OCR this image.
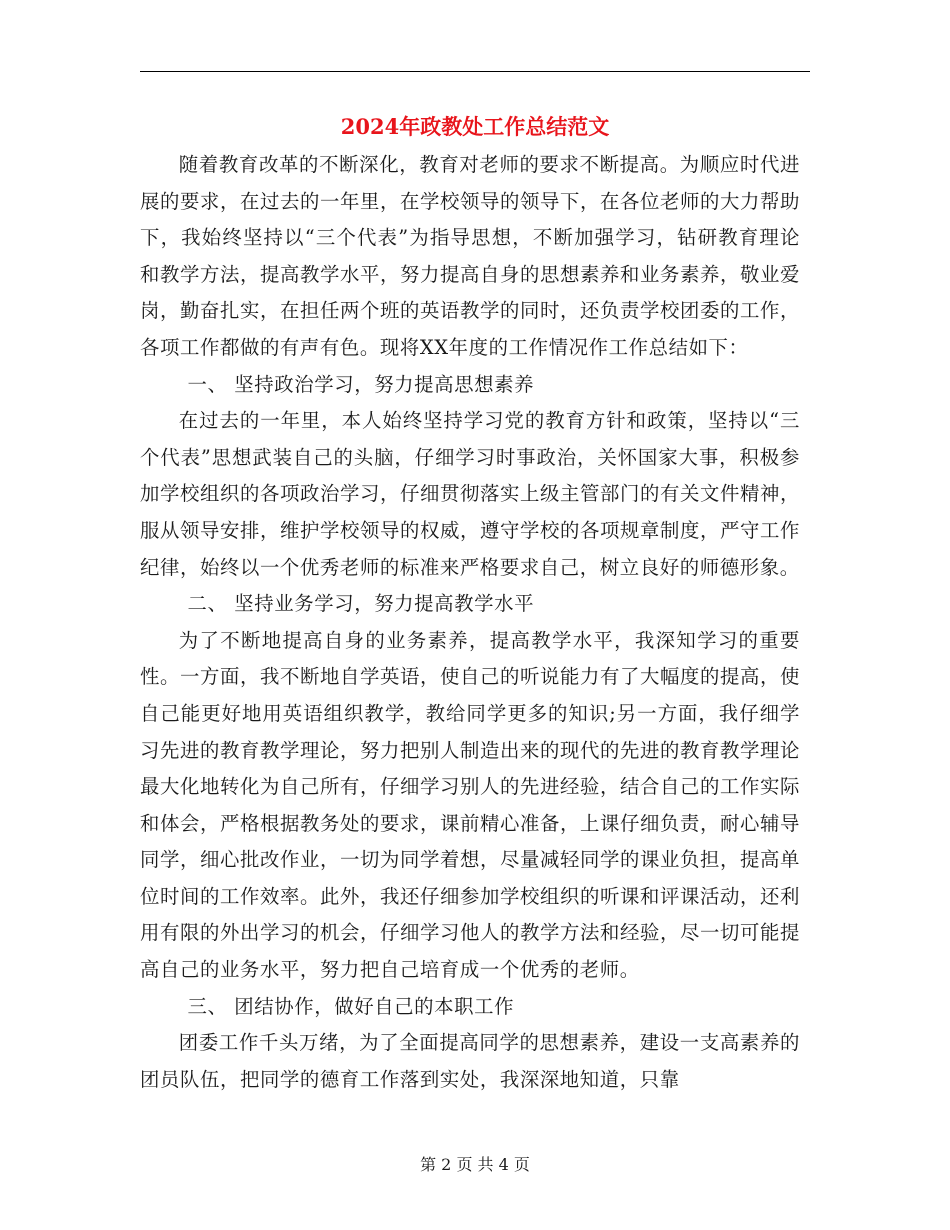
2024年政教处工作总结范文

随着教育改革的不断深化，教育对老师的要求不断提高。为顺应时代进展的要求，在过去的一年里，在学校领导的领导下，在各位老师的大力帮助下，我始终坚持以“三个代表”为指导思想，不断加强学习，钻研教育理论和教学方法，提高教学水平，努力提高自身的思想素养和业务素养，敬业爱岗，勤奋扎实，在担任两个班的英语教学的同时，还负责学校团委的工作，各项工作都做的有声有色。现将XX年度的工作情况作工作总结如下：

一、 坚持政治学习，努力提高思想素养

在过去的一年里，本人始终坚持学习党的教育方针和政策，坚持以“三个代表”思想武装自己的头脑，仔细学习时事政治，关怀国家大事，积极参加学校组织的各项政治学习，仔细贯彻落实上级主管部门的有关文件精神，服从领导安排，维护学校领导的权威，遵守学校的各项规章制度，严守工作纪律，始终以一个优秀老师的标准来严格要求自己，树立良好的师德形象。

二、 坚持业务学习，努力提高教学水平

为了不断地提高自身的业务素养，提高教学水平，我深知学习的重要性。一方面，我不断地自学英语，使自己的听说能力有了大幅度的提高，使自己能更好地用英语组织教学，教给同学更多的知识;另一方面，我仔细学习先进的教育教学理论，努力把别人制造出来的现代的先进的教育教学理论最大化地转化为自己所有，仔细学习别人的先进经验，结合自己的工作实际和体会，严格根据教务处的要求，课前精心准备，上课仔细负责，耐心辅导同学，细心批改作业，一切为同学着想，尽量减轻同学的课业负担，提高单位时间的工作效率。此外，我还仔细参加学校组织的听课和评课活动，还利用有限的外出学习的机会，仔细学习他人的教学方法和经验，尽一切可能提高自己的业务水平，努力把自己培育成一个优秀的老师。

三、 团结协作，做好自己的本职工作

团委工作千头万绪，为了全面提高同学的思想素养，建设一支高素养的团员队伍，把同学的德育工作落到实处，我深深地知道，只靠

第 2 页 共 4 页
